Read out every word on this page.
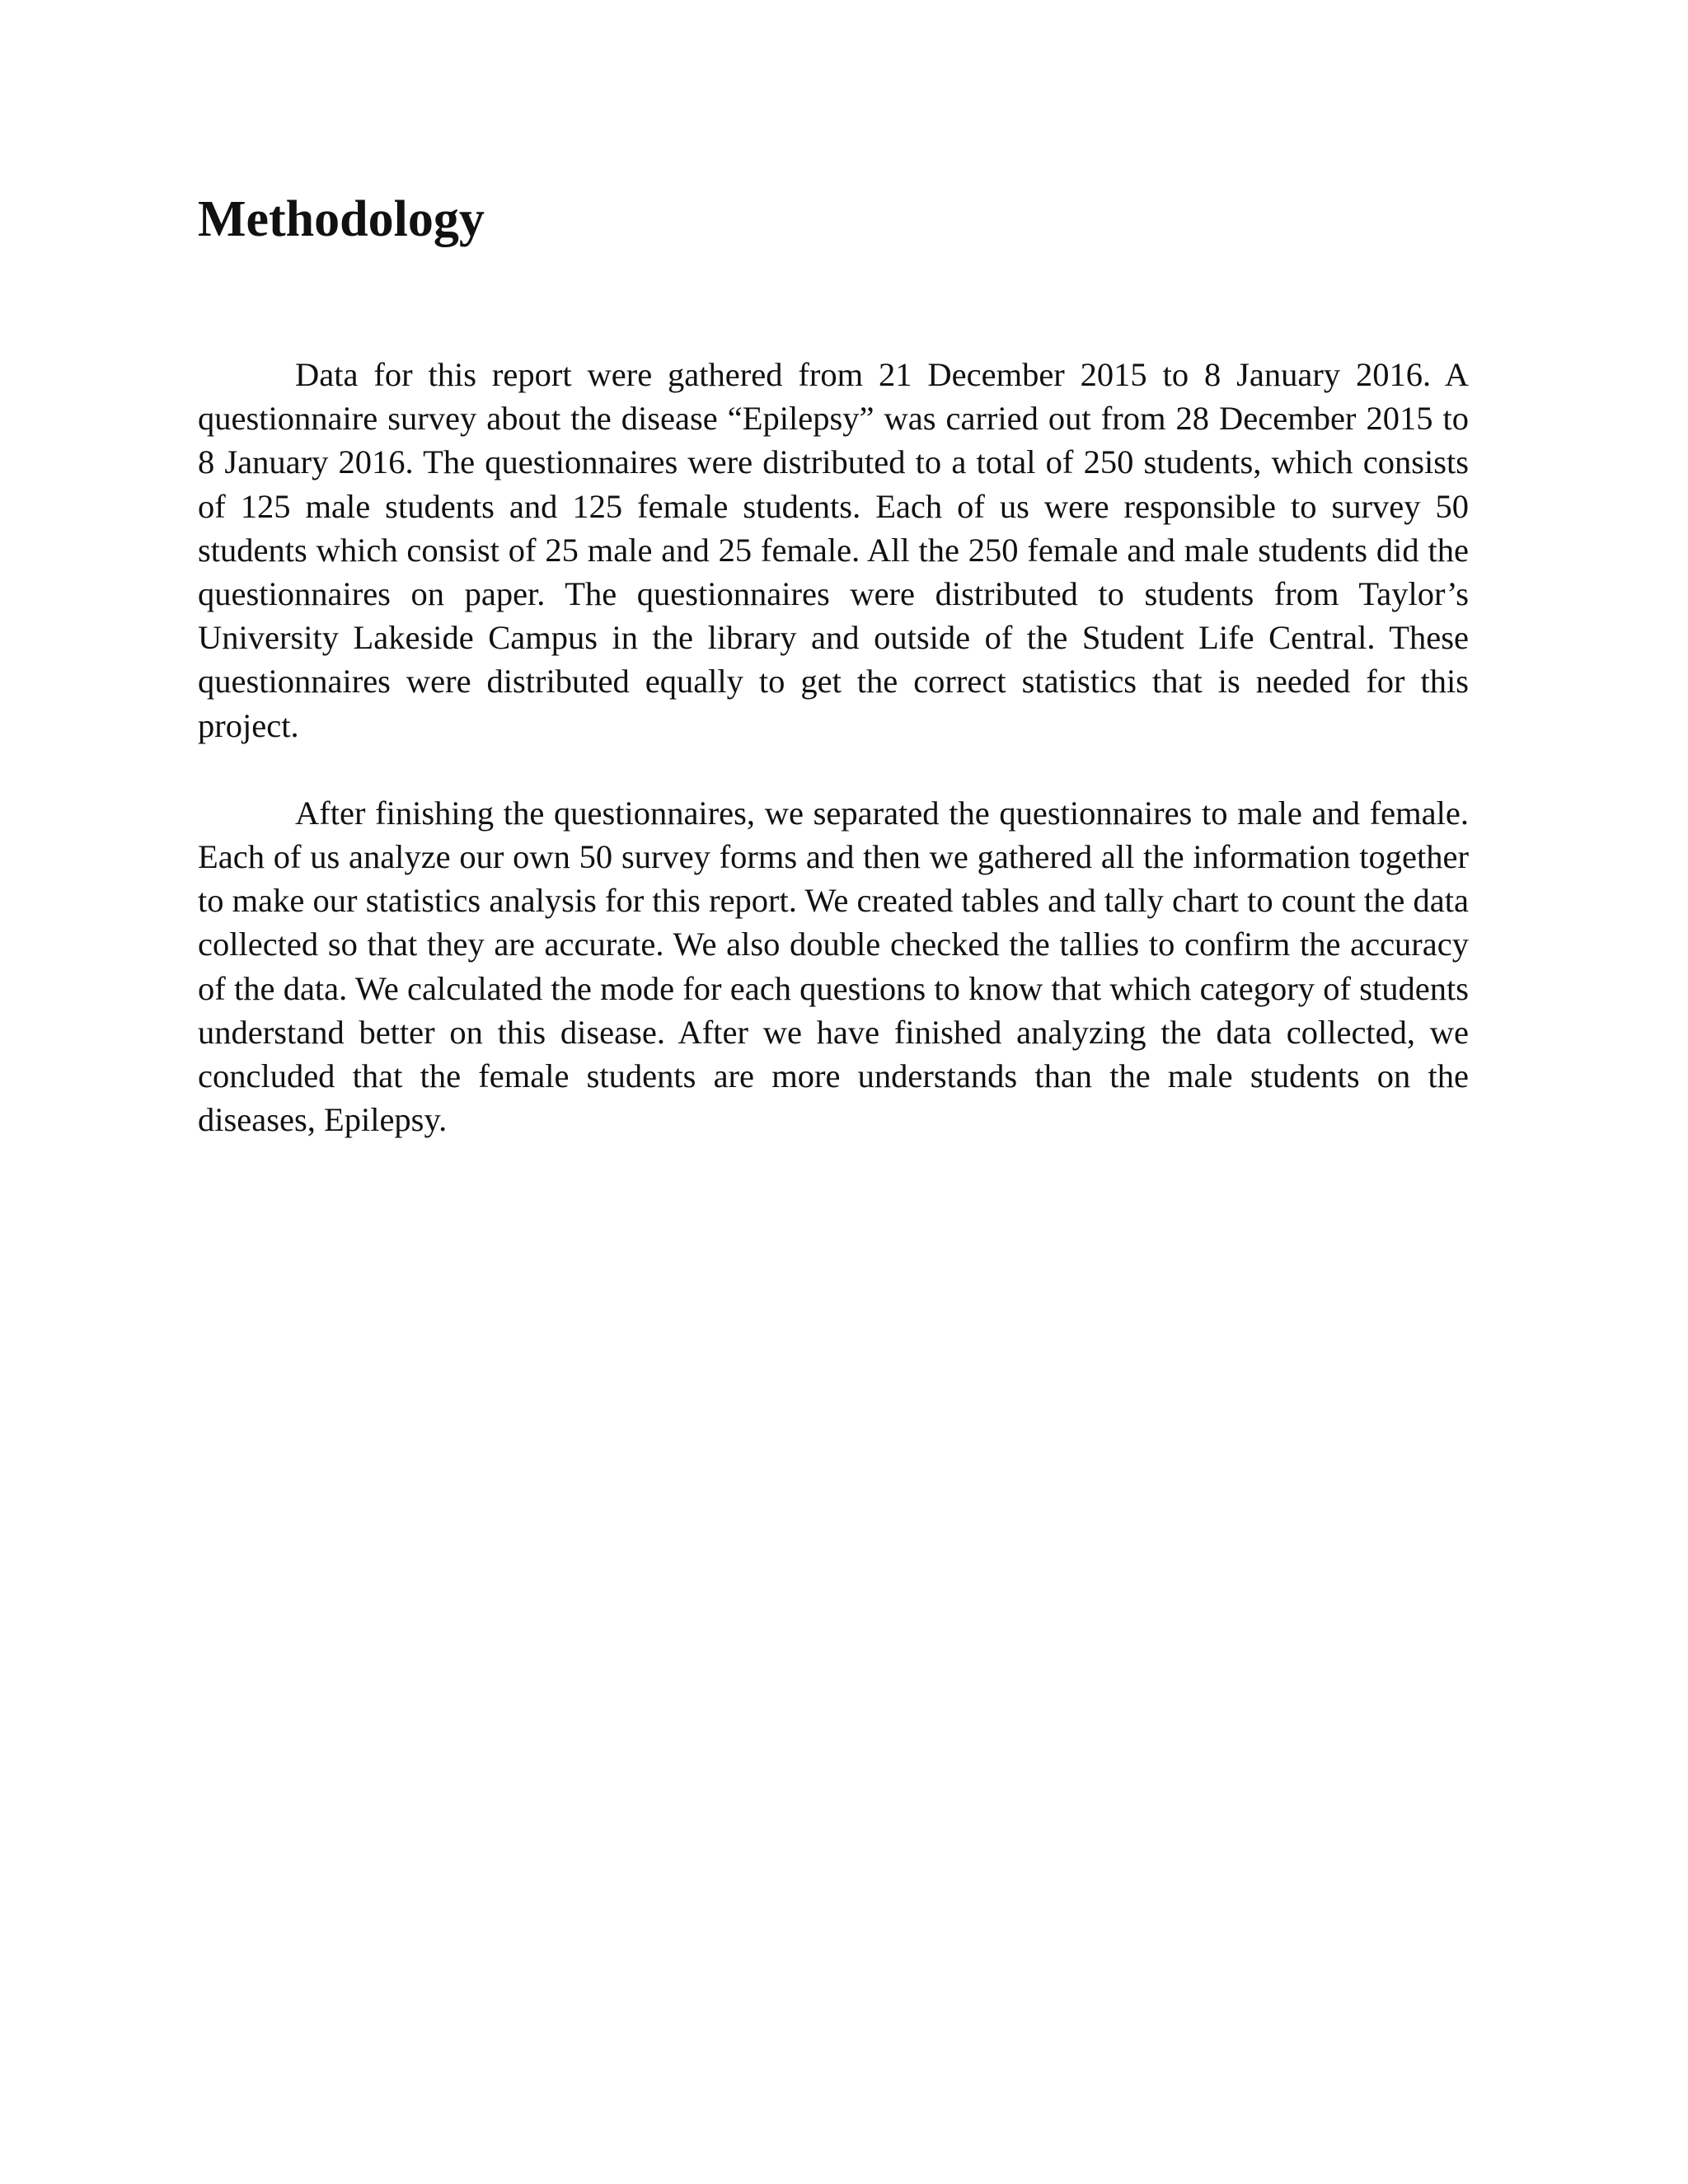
Methodology

Data for this report were gathered from 21 December 2015 to 8 January 2016. A questionnaire survey about the disease “Epilepsy” was carried out from 28 December 2015 to 8 January 2016. The questionnaires were distributed to a total of 250 students, which consists of 125 male students and 125 female students. Each of us were responsible to survey 50 students which consist of 25 male and 25 female. All the 250 female and male students did the questionnaires on paper. The questionnaires were distributed to students from Taylor’s University Lakeside Campus in the library and outside of the Student Life Central. These questionnaires were distributed equally to get the correct statistics that is needed for this project.

After finishing the questionnaires, we separated the questionnaires to male and female. Each of us analyze our own 50 survey forms and then we gathered all the information together to make our statistics analysis for this report. We created tables and tally chart to count the data collected so that they are accurate. We also double checked the tallies to confirm the accuracy of the data. We calculated the mode for each questions to know that which category of students understand better on this disease. After we have finished analyzing the data collected, we concluded that the female students are more understands than the male students on the diseases, Epilepsy.
